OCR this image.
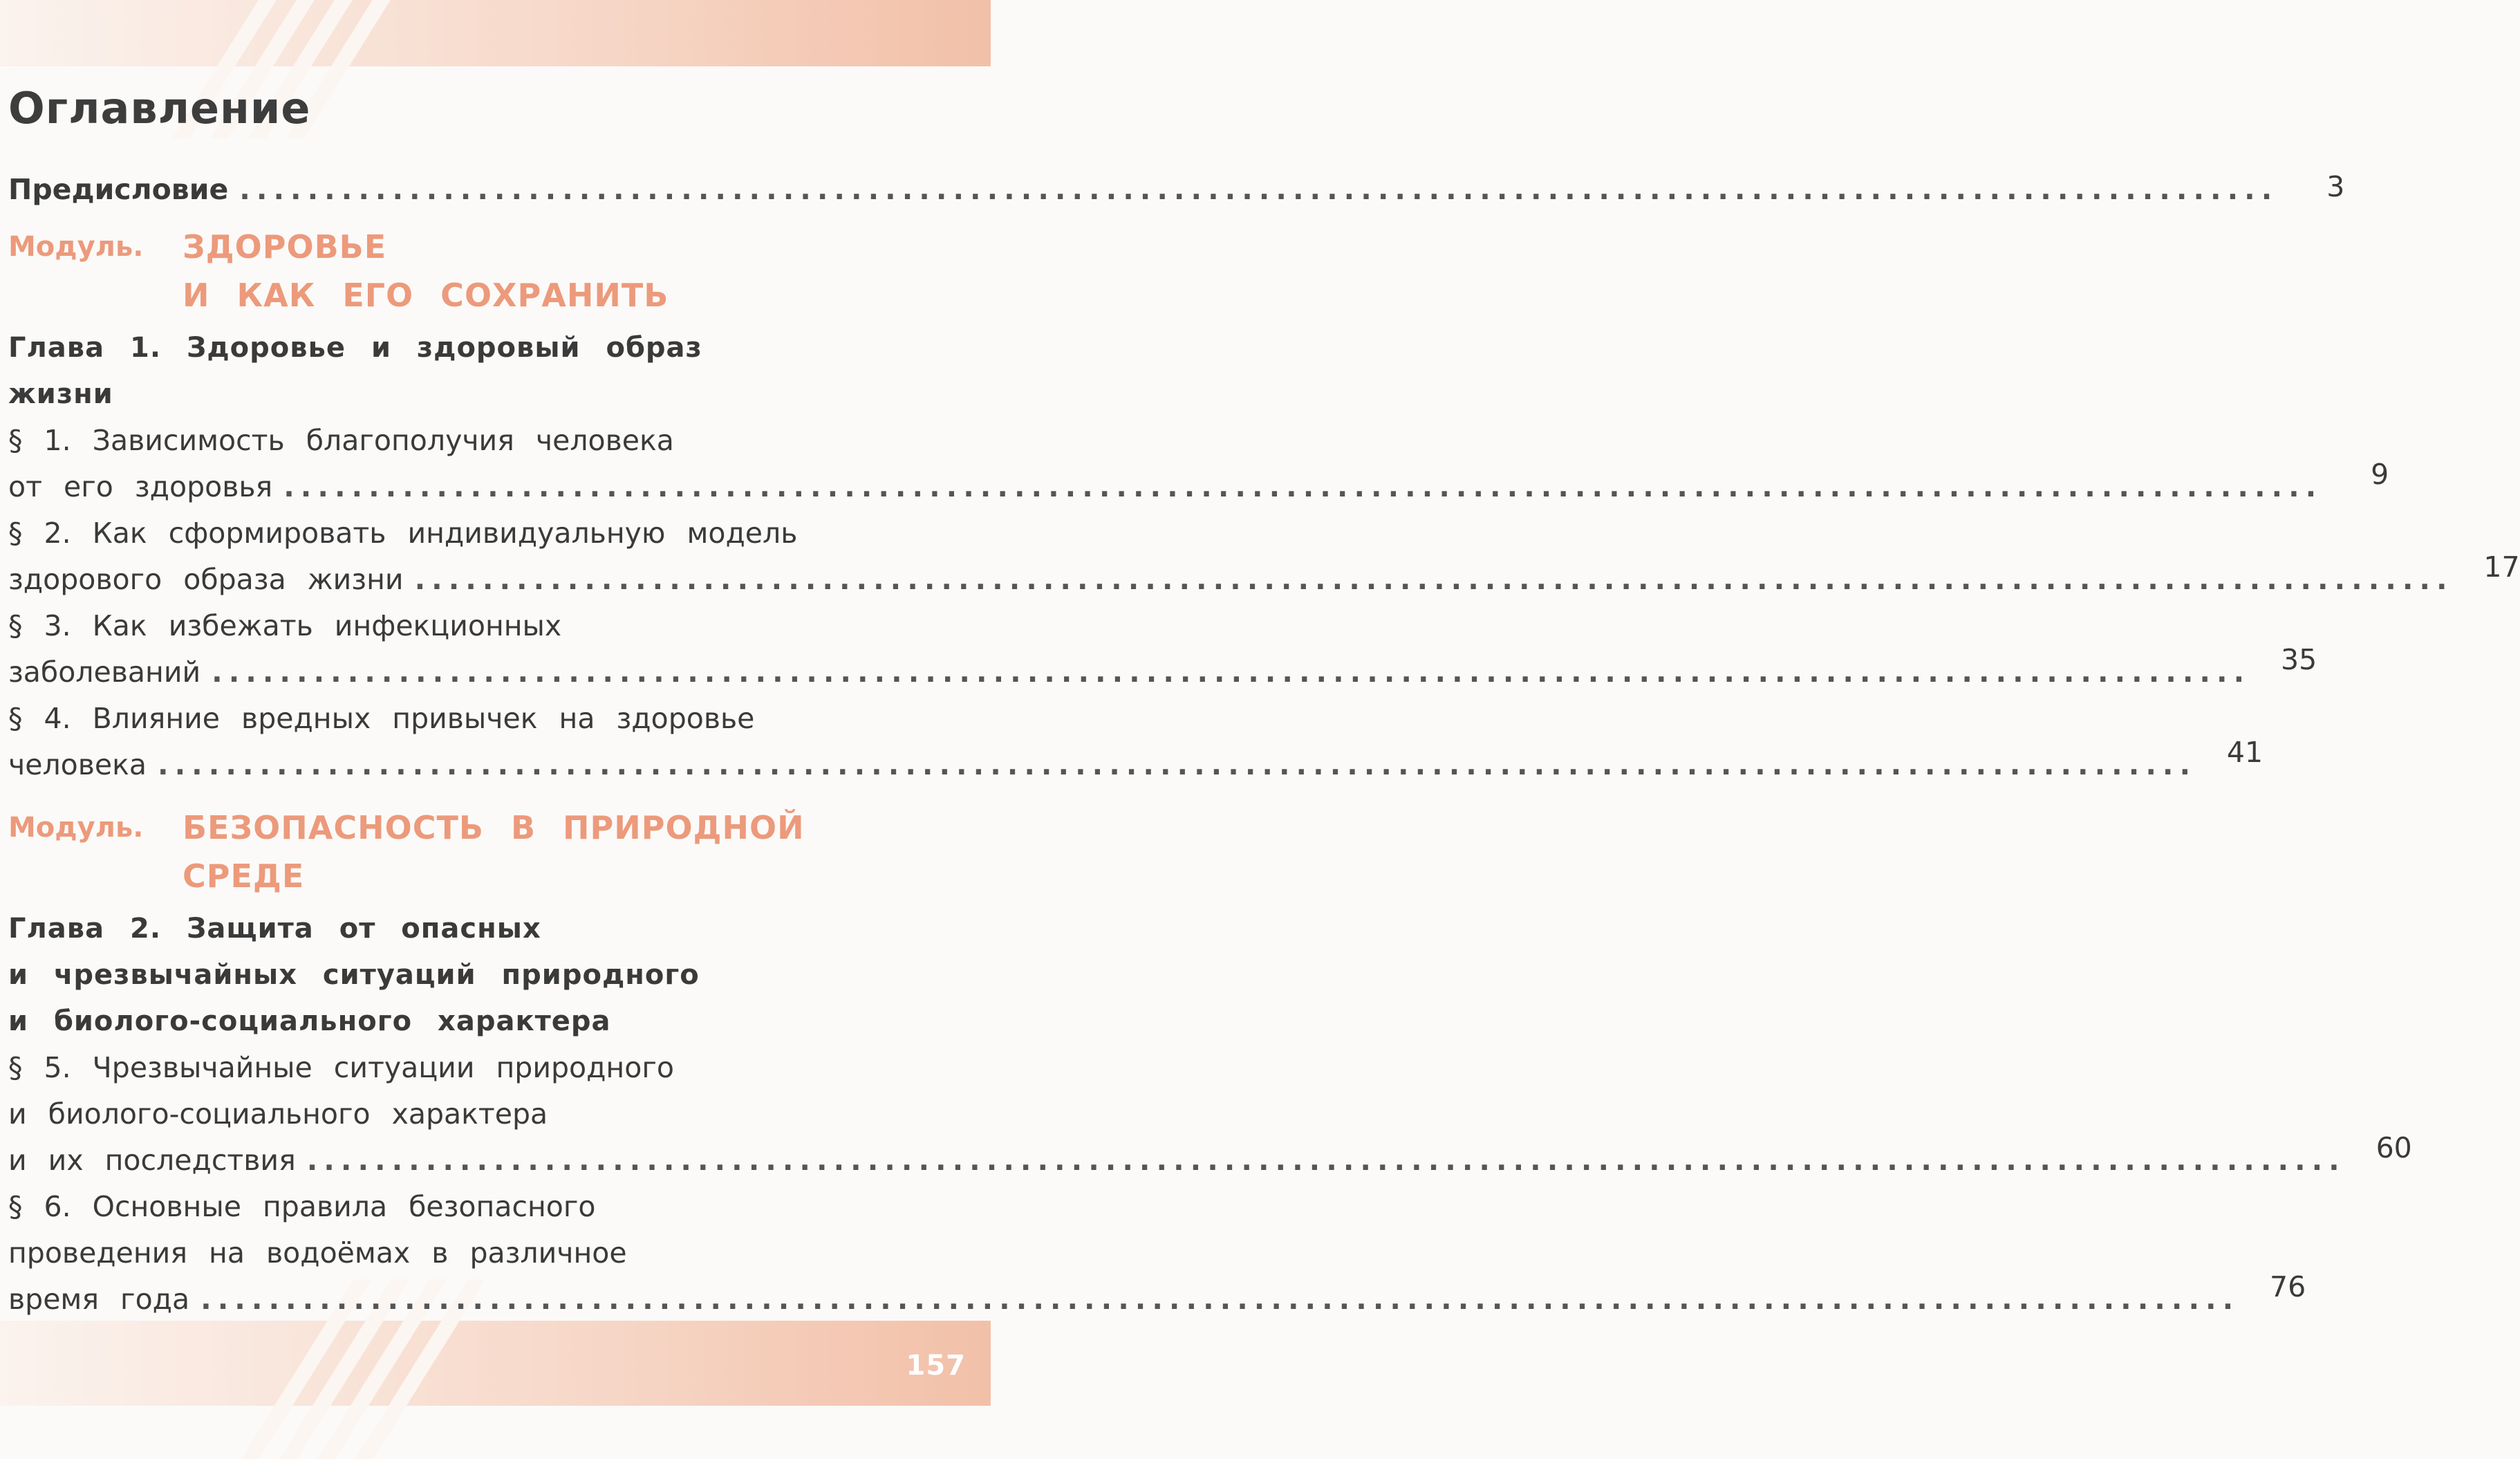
157
Оглавление
Предисловие ........................................................................................................................	3
Модуль.	ЗДОРОВЬЕ
И КАК ЕГО СОХРАНИТЬ
Глава 1. Здоровье и здоровый образ
жизни
§ 1. Зависимость благополучия человека
от его здоровья ........................................................................................................................	9
§ 2. Как сформировать индивидуальную модель
здорового образа жизни ........................................................................................................................	17
§ 3. Как избежать инфекционных
заболеваний ........................................................................................................................	35
§ 4. Влияние вредных привычек на здоровье
человека ........................................................................................................................	41
Модуль.	БЕЗОПАСНОСТЬ В ПРИРОДНОЙ
СРЕДЕ
Глава 2. Защита от опасных
и чрезвычайных ситуаций природного
и биолого-социального характера
§ 5. Чрезвычайные ситуации природного
и биолого-социального характера
и их последствия ........................................................................................................................	60
§ 6. Основные правила безопасного
проведения на водоёмах в различное
время года ........................................................................................................................	76
